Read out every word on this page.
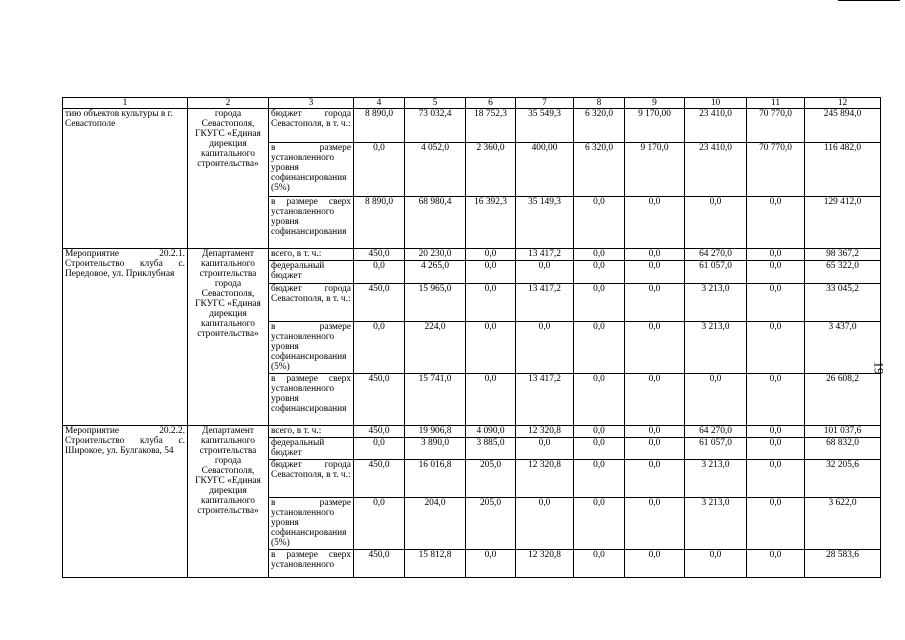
19
1	2	3	4	5	6	7	8	9	10	11	12
тию объектов культуры в г. Севастополе	города Севастополя, ГКУГС «Единая дирекция капитального строительства»	бюджет города Севастополя, в т. ч.:	8 890,0	73 032,4	18 752,3	35 549,3	6 320,0	9 170,00	23 410,0	70 770,0	245 894,0
		в размере установленного уровня софинансирования (5%)	0,0	4 052,0	2 360,0	400,00	6 320,0	9 170,0	23 410,0	70 770,0	116 482,0
		в размере сверх установленного уровня софинансирования	8 890,0	68 980,4	16 392,3	35 149,3	0,0	0,0	0,0	0,0	129 412,0
Мероприятие 20.2.1. Строительство клуба с. Передовое, ул. Приклубная	Департамент капитального строительства города Севастополя, ГКУГС «Единая дирекция капитального строительства»	всего, в т. ч.:	450,0	20 230,0	0,0	13 417,2	0,0	0,0	64 270,0	0,0	98 367,2
		федеральный бюджет	0,0	4 265,0	0,0	0,0	0,0	0,0	61 057,0	0,0	65 322,0
		бюджет города Севастополя, в т. ч.:	450,0	15 965,0	0,0	13 417,2	0,0	0,0	3 213,0	0,0	33 045,2
		в размере установленного уровня софинансирования (5%)	0,0	224,0	0,0	0,0	0,0	0,0	3 213,0	0,0	3 437,0
		в размере сверх установленного уровня софинансирования	450,0	15 741,0	0,0	13 417,2	0,0	0,0	0,0	0,0	26 608,2
Мероприятие 20.2.2. Строительство клуба с. Широкое, ул. Булгакова, 54	Департамент капитального строительства города Севастополя, ГКУГС «Единая дирекция капитального строительства»	всего, в т. ч.:	450,0	19 906,8	4 090,0	12 320,8	0,0	0,0	64 270,0	0,0	101 037,6
		федеральный бюджет	0,0	3 890,0	3 885,0	0,0	0,0	0,0	61 057,0	0,0	68 832,0
		бюджет города Севастополя, в т. ч.:	450,0	16 016,8	205,0	12 320,8	0,0	0,0	3 213,0	0,0	32 205,6
		в размере установленного уровня софинансирования (5%)	0,0	204,0	205,0	0,0	0,0	0,0	3 213,0	0,0	3 622,0
		в размере сверх установленного	450,0	15 812,8	0,0	12 320,8	0,0	0,0	0,0	0,0	28 583,6
